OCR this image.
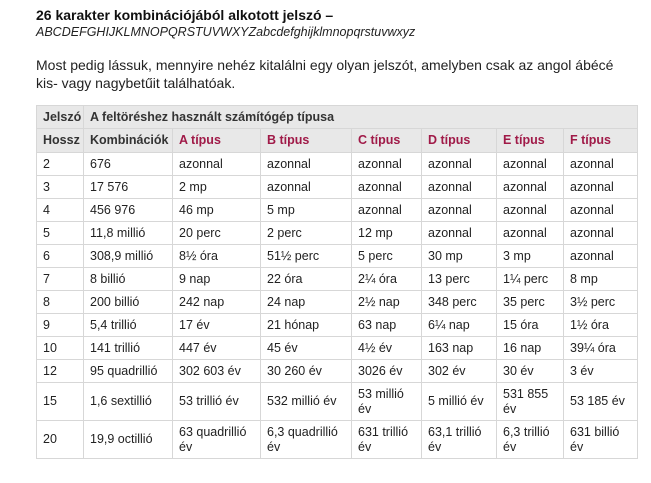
26 karakter kombinációjából alkotott jelszó –
ABCDEFGHIJKLMNOPQRSTUVWXYZabcdefghijklmnopqrstuvwxyz
Most pedig lássuk, mennyire nehéz kitalálni egy olyan jelszót, amelyben csak az angol ábécé kis- vagy nagybetűit találhatóak.
Jelszó	A feltöréshez használt számítógép típusa						
Hossz	Kombinációk	A típus	B típus	C típus	D típus	E típus	F típus
2	676	azonnal	azonnal	azonnal	azonnal	azonnal	azonnal
3	17 576	2 mp	azonnal	azonnal	azonnal	azonnal	azonnal
4	456 976	46 mp	5 mp	azonnal	azonnal	azonnal	azonnal
5	11,8 millió	20 perc	2 perc	12 mp	azonnal	azonnal	azonnal
6	308,9 millió	8½ óra	51½ perc	5 perc	30 mp	3 mp	azonnal
7	8 billió	9 nap	22 óra	2¼ óra	13 perc	1¼ perc	8 mp
8	200 billió	242 nap	24 nap	2½ nap	348 perc	35 perc	3½ perc
9	5,4 trillió	17 év	21 hónap	63 nap	6¼ nap	15 óra	1½ óra
10	141 trillió	447 év	45 év	4½ év	163 nap	16 nap	39¼ óra
12	95 quadrillió	302 603 év	30 260 év	3026 év	302 év	30 év	3 év
15	1,6 sextillió	53 trillió év	532 millió év	53 millió év	5 millió év	531 855 év	53 185 év
20	19,9 octillió	63 quadrillió év	6,3 quadrillió év	631 trillió év	63,1 trillió év	6,3 trillió év	631 billió év
